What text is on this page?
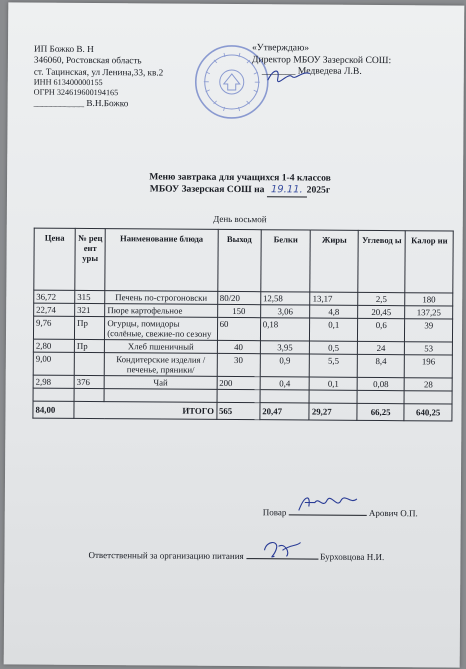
ИП Божко В. Н
346060, Ростовская область
ст. Тацинская, ул Ленина,33, кв.2
ИНН 613400000155
ОГРН 324619600194165
___________ В.Н.Божко
«Утверждаю»
Директор МБОУ Зазерской СОШ:
_______ Медведева Л.В.
Меню завтрака для учащихся 1-4 классов
МБОУ Зазерская СОШ на 19.11. 2025г
День восьмой
Цена	№ рец ент уры	Наименование блюда	Выход	Белки	Жиры	Углевод ы	Калор ии
36,72	315	Печень по-строгоновски	80/20	12,58	13,17	2,5	180
22,74	321	Пюре картофельное	150	3,06	4,8	20,45	137,25
9,76	Пр	Огурцы, помидоры (солёные, свежие-по сезону	60	0,18	0,1	0,6	39
2,80	Пр	Хлеб пшеничный	40	3,95	0,5	24	53
9,00		Кондитерские изделия /печенье, пряники/	30	0,9	5,5	8,4	196
2,98	376	Чай	200	0,4	0,1	0,08	28

84,00	ИТОГО		565	20,47	29,27	66,25	640,25
Повар	Арович О.П.
Ответственный за организацию питания	Бурховцова Н.И.
